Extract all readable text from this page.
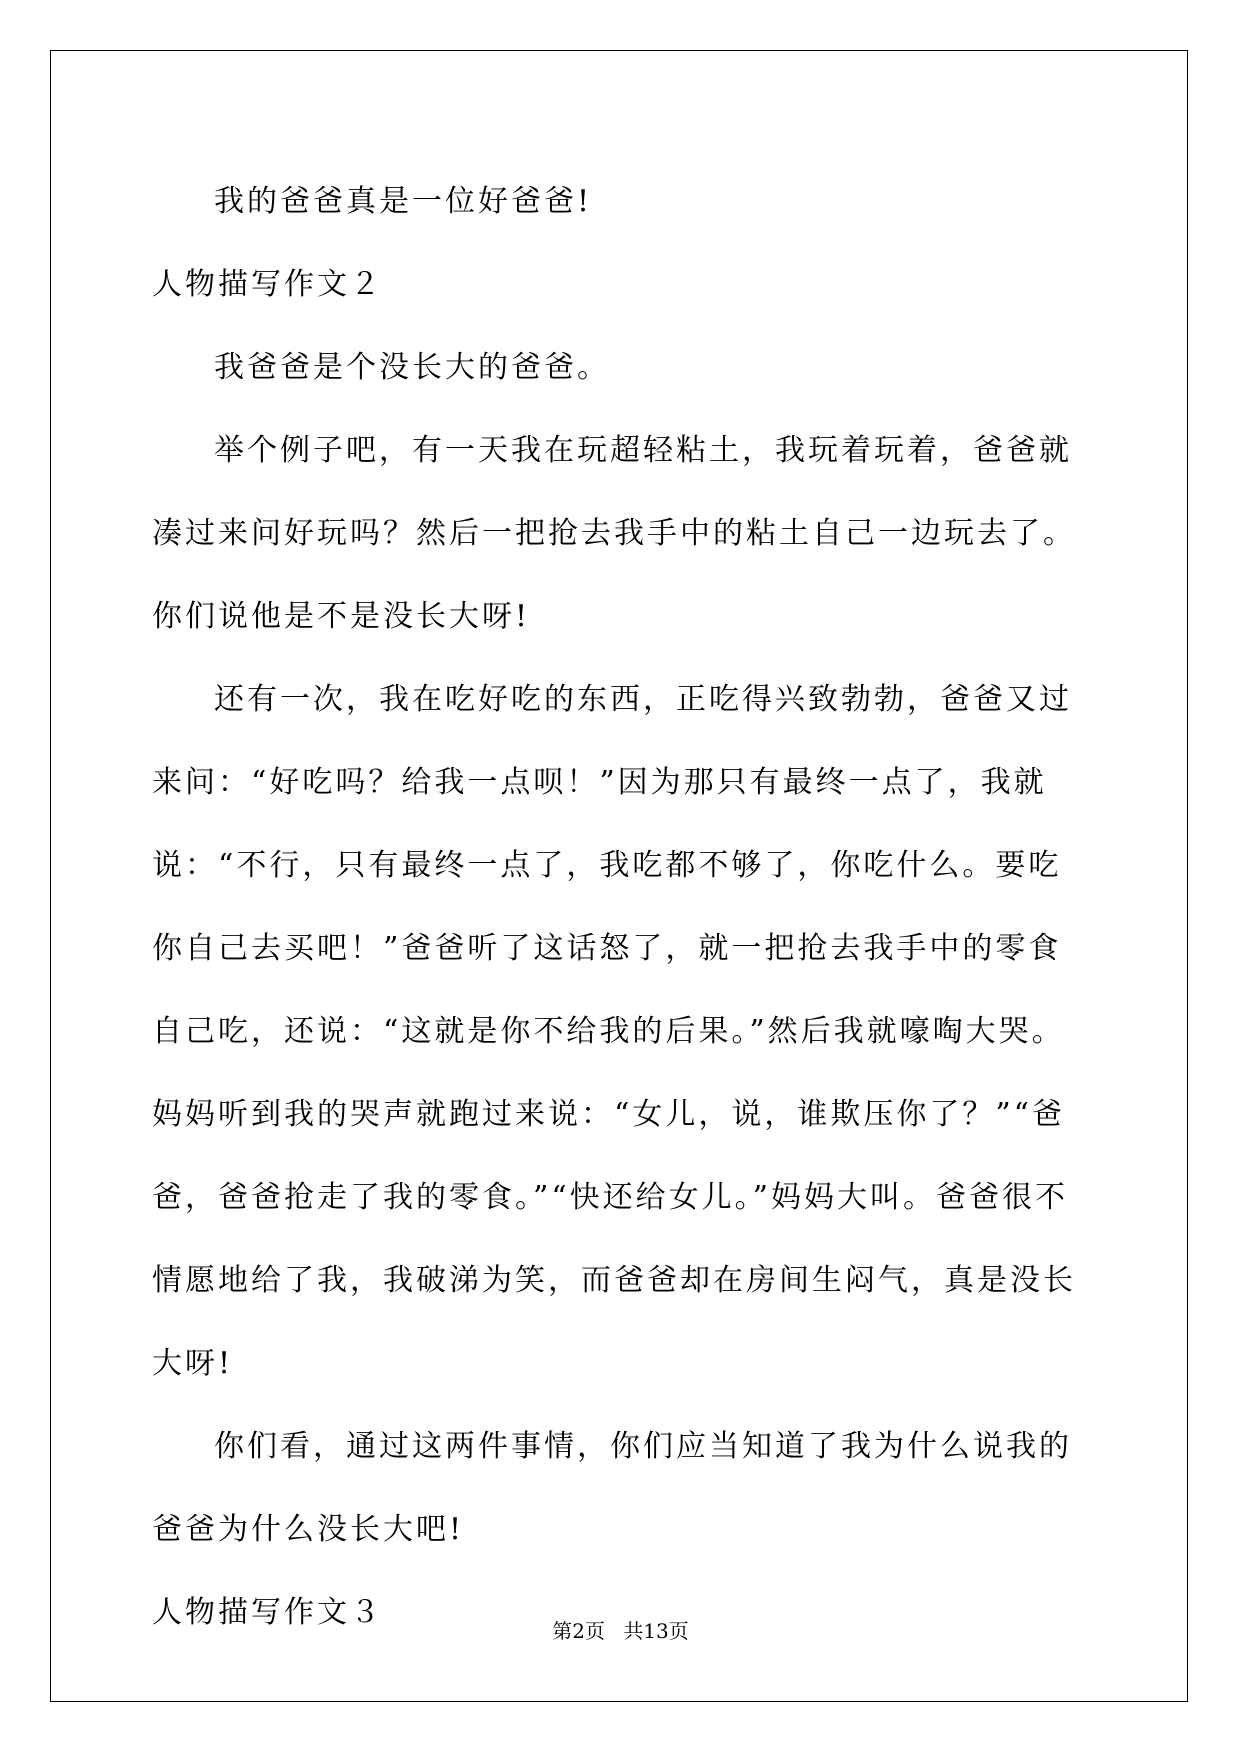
我的爸爸真是一位好爸爸!

人物描写作文２

我爸爸是个没长大的爸爸。

举个例子吧，有一天我在玩超轻粘土，我玩着玩着，爸爸就凑过来问好玩吗？然后一把抢去我手中的粘土自己一边玩去了。你们说他是不是没长大呀!

还有一次，我在吃好吃的东西，正吃得兴致勃勃，爸爸又过来问：“好吃吗？给我一点呗！”因为那只有最终一点了，我就说：“不行，只有最终一点了，我吃都不够了，你吃什么。要吃你自己去买吧！”爸爸听了这话怒了，就一把抢去我手中的零食自己吃，还说：“这就是你不给我的后果。”然后我就嚎啕大哭。妈妈听到我的哭声就跑过来说：“女儿，说，谁欺压你了？”“爸爸，爸爸抢走了我的零食。”“快还给女儿。”妈妈大叫。爸爸很不情愿地给了我，我破涕为笑，而爸爸却在房间生闷气，真是没长大呀!

你们看，通过这两件事情，你们应当知道了我为什么说我的爸爸为什么没长大吧!

人物描写作文３

第2页 共13页
